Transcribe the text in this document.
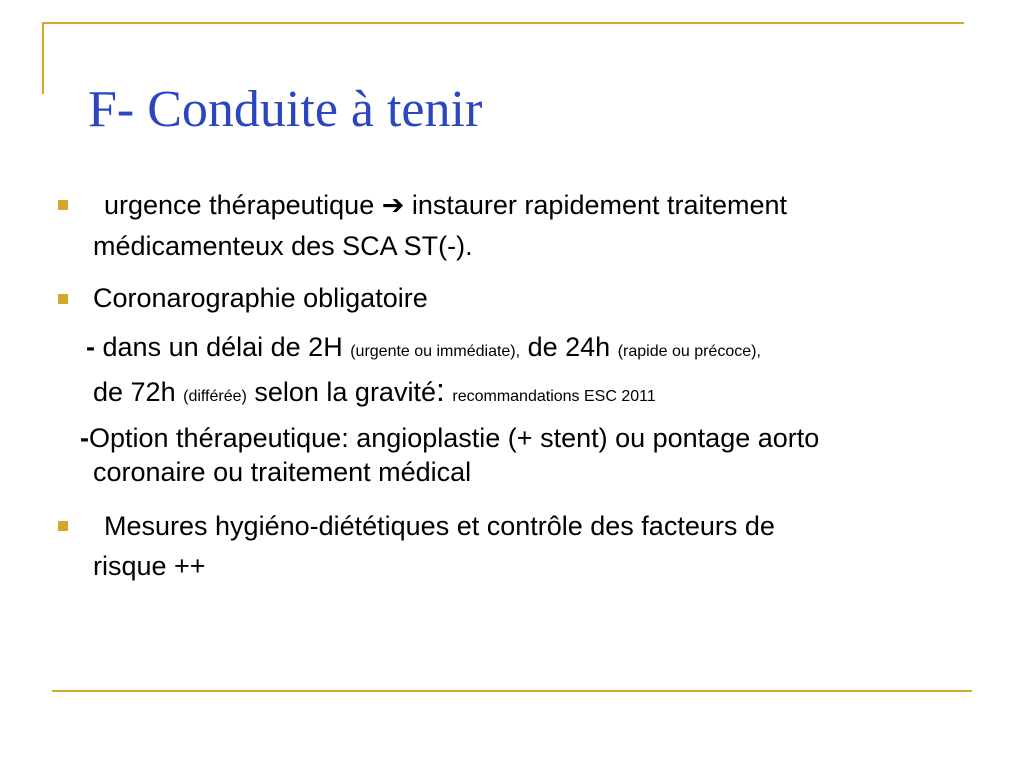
F- Conduite à tenir
urgence thérapeutique ➔ instaurer rapidement traitement
médicamenteux des SCA ST(-).
Coronarographie obligatoire
- dans un délai de 2H (urgente ou immédiate), de 24h (rapide ou précoce),
de 72h (différée) selon la gravité: recommandations ESC 2011
-Option thérapeutique: angioplastie (+ stent) ou pontage aorto
coronaire ou traitement médical
Mesures hygiéno-diététiques et contrôle des facteurs de
risque ++
